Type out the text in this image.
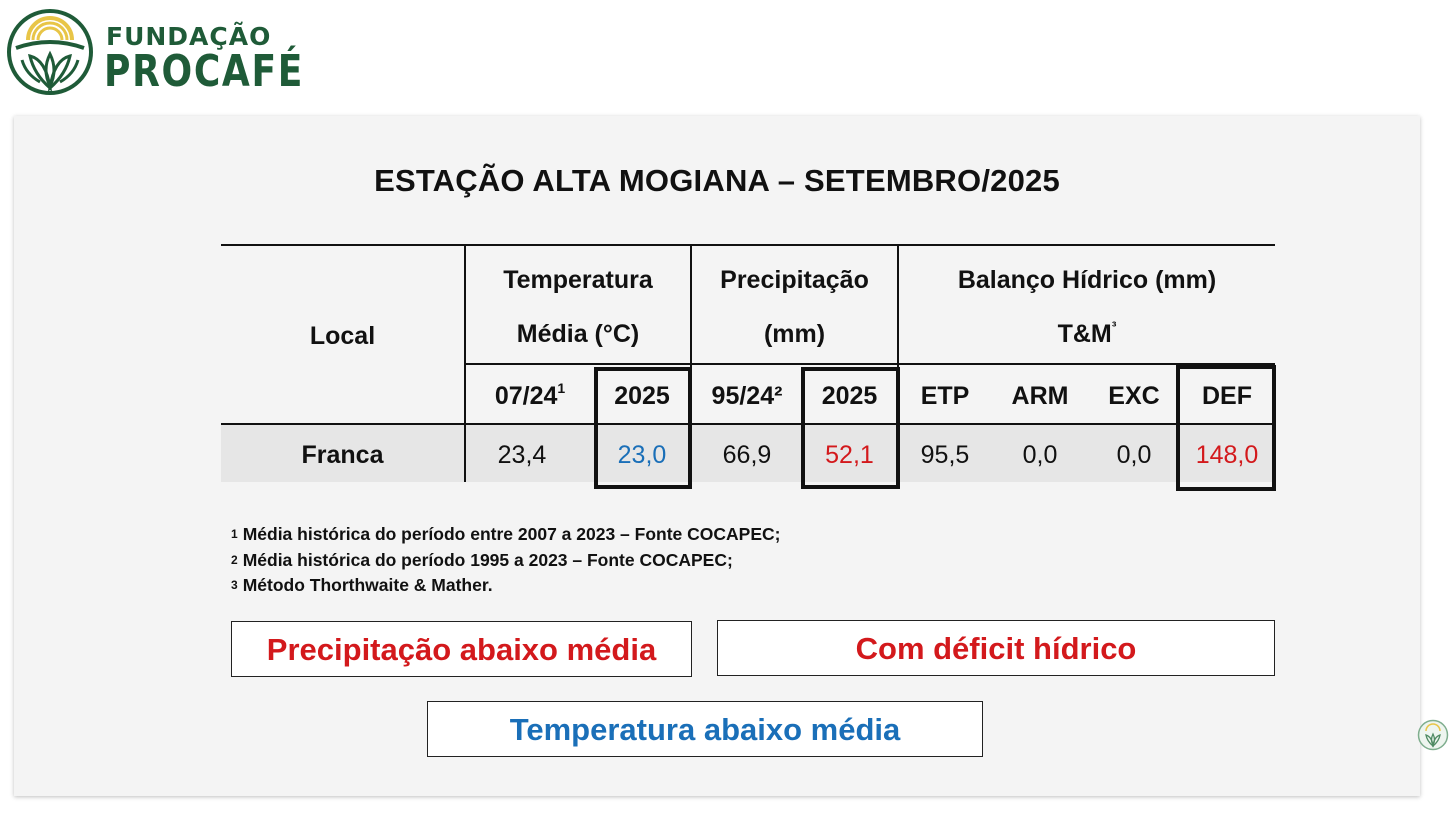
FUNDAÇÃO
PROCAFÉ
ESTAÇÃO ALTA MOGIANA – SETEMBRO/2025
Local
Temperatura
Média (°C)
Precipitação
(mm)
Balanço Hídrico (mm)
$T\&M^{^3}$
$07/24^1$	2025	95/24²	2025	ETP	ARM	EXC	DEF
Franca	23,4	23,0	66,9	52,1	95,5	0,0	0,0	148,0
$^1$ Média histórica do período entre 2007 a 2023 – Fonte COCAPEC;
$^2$ Média histórica do período 1995 a 2023 – Fonte COCAPEC;
$^3$ Método Thorthwaite & Mather.
Precipitação abaixo média	Com déficit hídrico
Temperatura abaixo média
